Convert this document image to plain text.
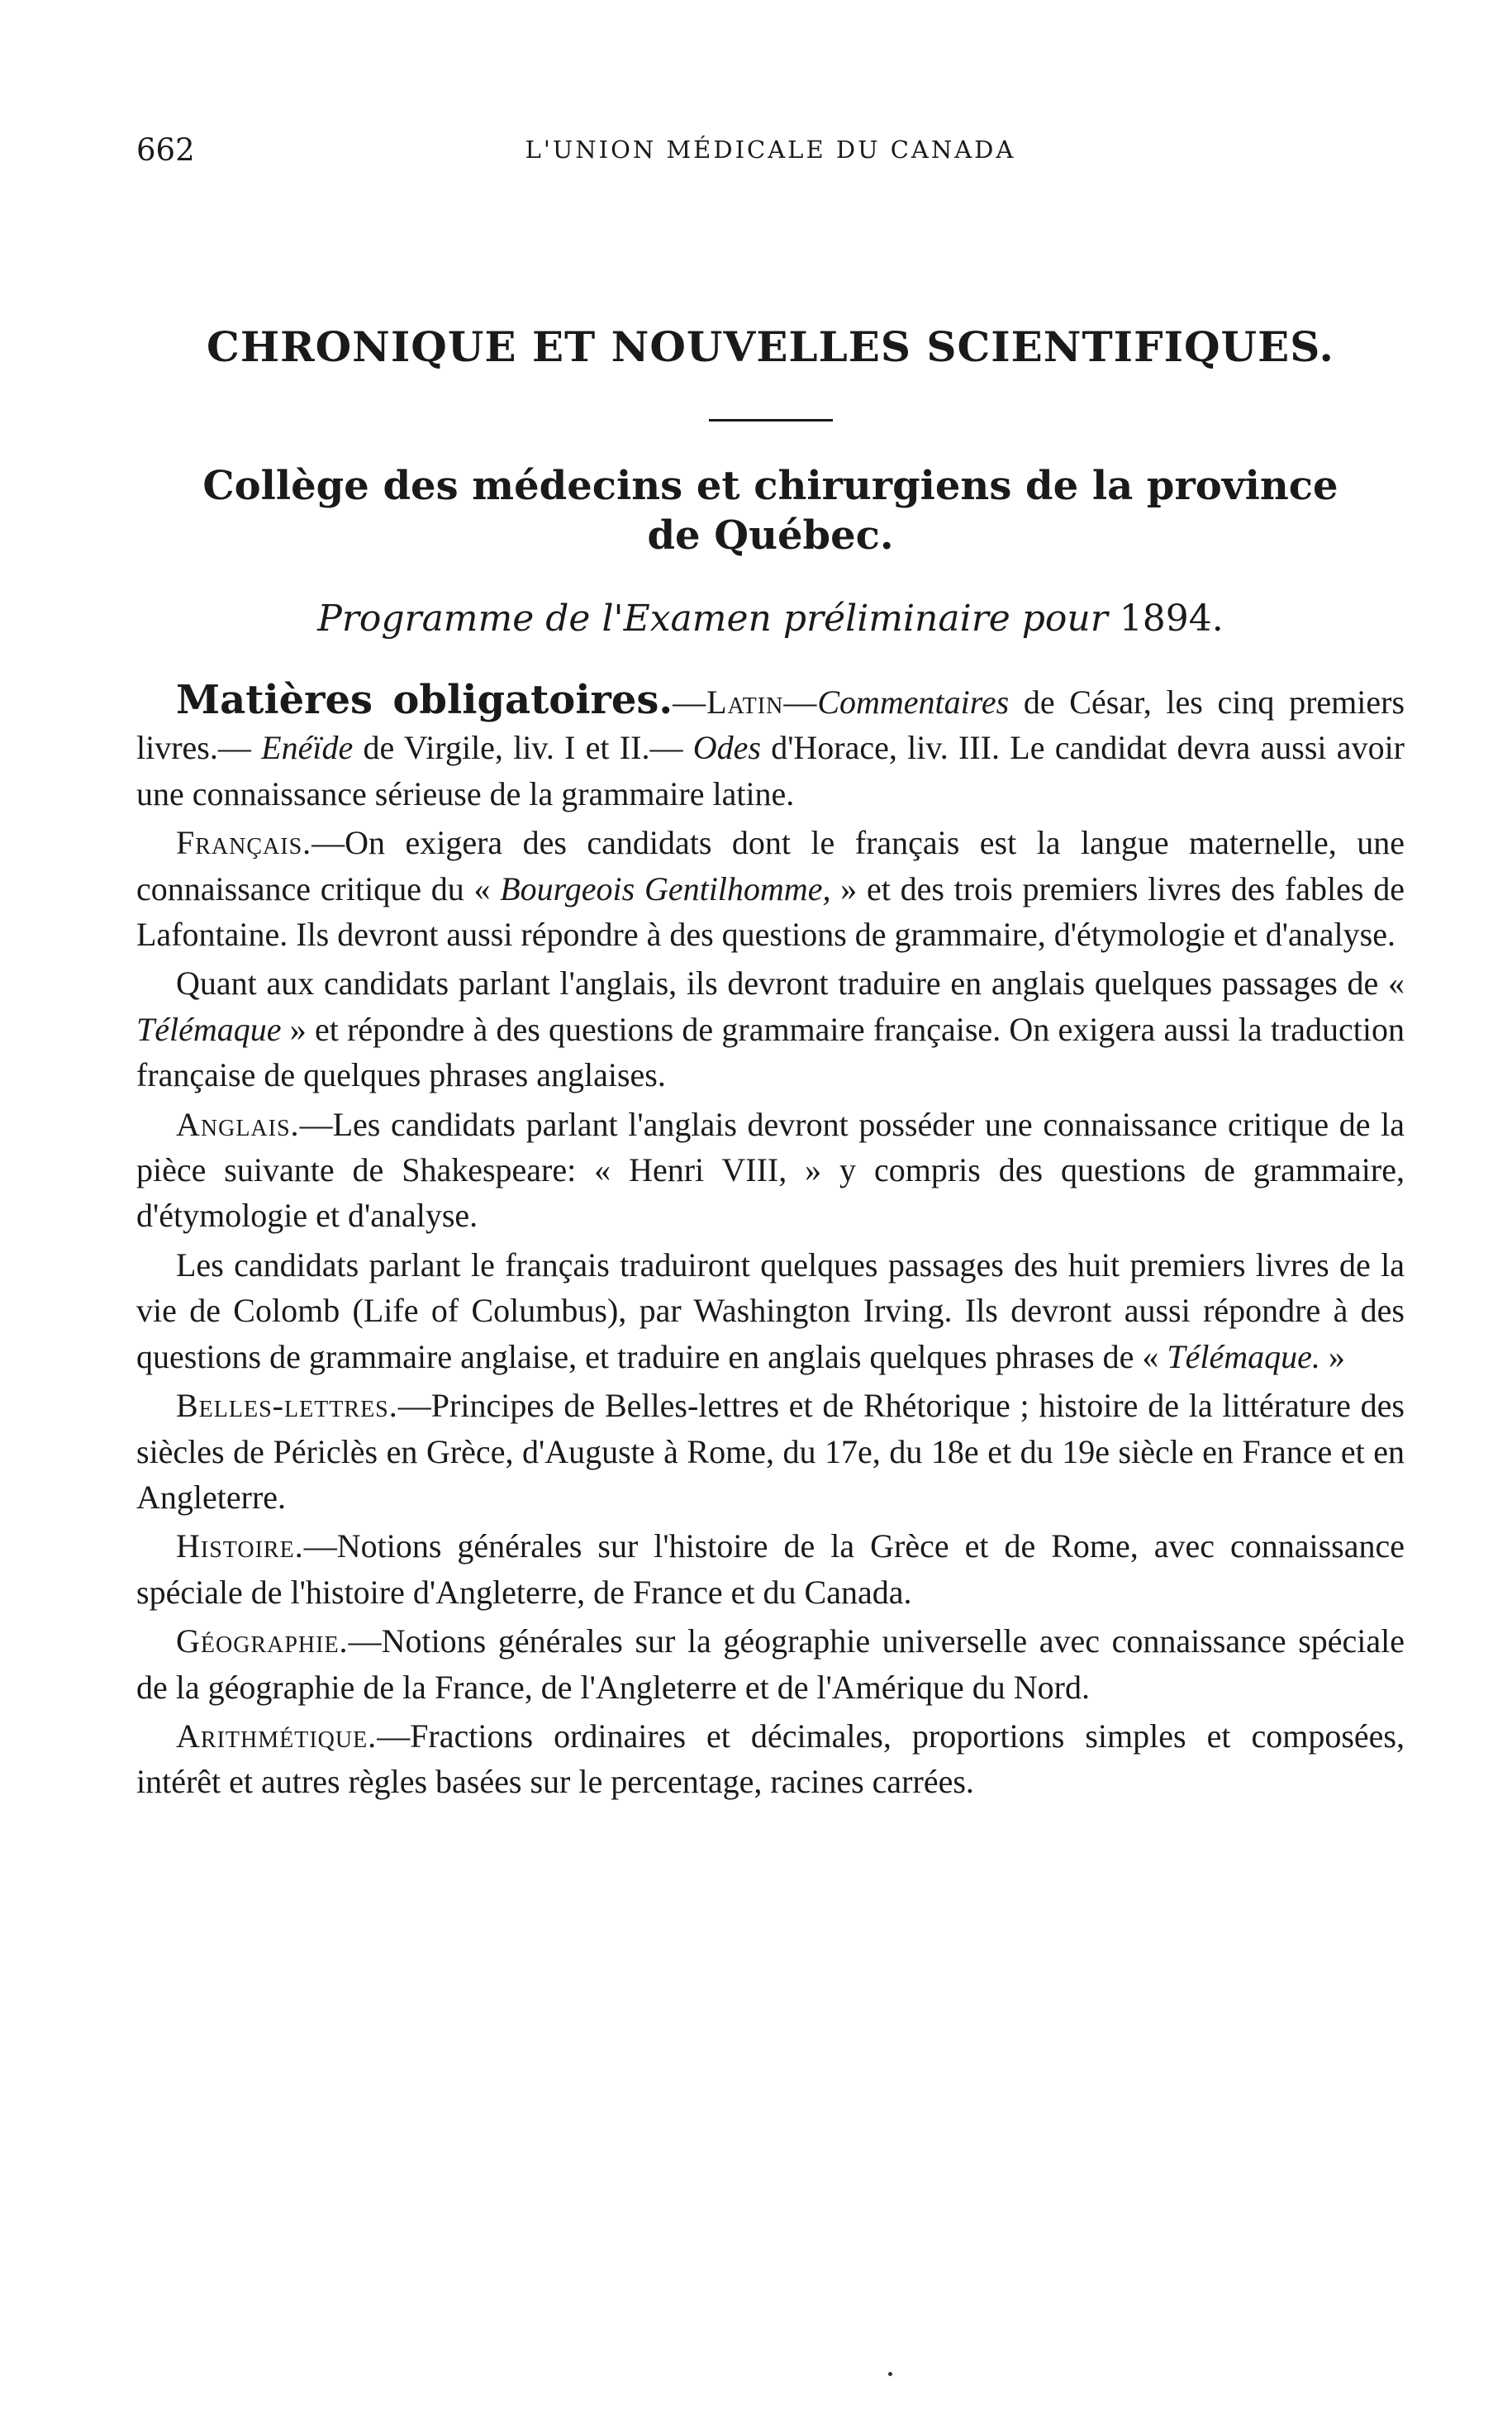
662	L'UNION MÉDICALE DU CANADA
CHRONIQUE ET NOUVELLES SCIENTIFIQUES.
Collège des médecins et chirurgiens de la province de Québec.
Programme de l'Examen préliminaire pour 1894.

Matières obligatoires.—Latin—Commentaires de César, les cinq premiers livres.— Enéïde de Virgile, liv. I et II.— Odes d'Horace, liv. III. Le candidat devra aussi avoir une connaissance sérieuse de la grammaire latine.

Français.—On exigera des candidats dont le français est la langue maternelle, une connaissance critique du « Bourgeois Gentilhomme, » et des trois premiers livres des fables de Lafontaine. Ils devront aussi répondre à des questions de grammaire, d'étymologie et d'analyse.

Quant aux candidats parlant l'anglais, ils devront traduire en anglais quelques passages de « Télémaque » et répondre à des questions de grammaire française. On exigera aussi la traduction française de quelques phrases anglaises.

Anglais.—Les candidats parlant l'anglais devront posséder une connaissance critique de la pièce suivante de Shakespeare: « Henri VIII, » y compris des questions de grammaire, d'étymologie et d'analyse.

Les candidats parlant le français traduiront quelques passages des huit premiers livres de la vie de Colomb (Life of Columbus), par Washington Irving. Ils devront aussi répondre à des questions de grammaire anglaise, et traduire en anglais quelques phrases de « Télémaque. »

Belles-lettres.—Principes de Belles-lettres et de Rhétorique ; histoire de la littérature des siècles de Périclès en Grèce, d'Auguste à Rome, du 17e, du 18e et du 19e siècle en France et en Angleterre.

Histoire.—Notions générales sur l'histoire de la Grèce et de Rome, avec connaissance spéciale de l'histoire d'Angleterre, de France et du Canada.

Géographie.—Notions générales sur la géographie universelle avec connaissance spéciale de la géographie de la France, de l'Angleterre et de l'Amérique du Nord.

Arithmétique.—Fractions ordinaires et décimales, proportions simples et composées, intérêt et autres règles basées sur le percentage, racines carrées.
